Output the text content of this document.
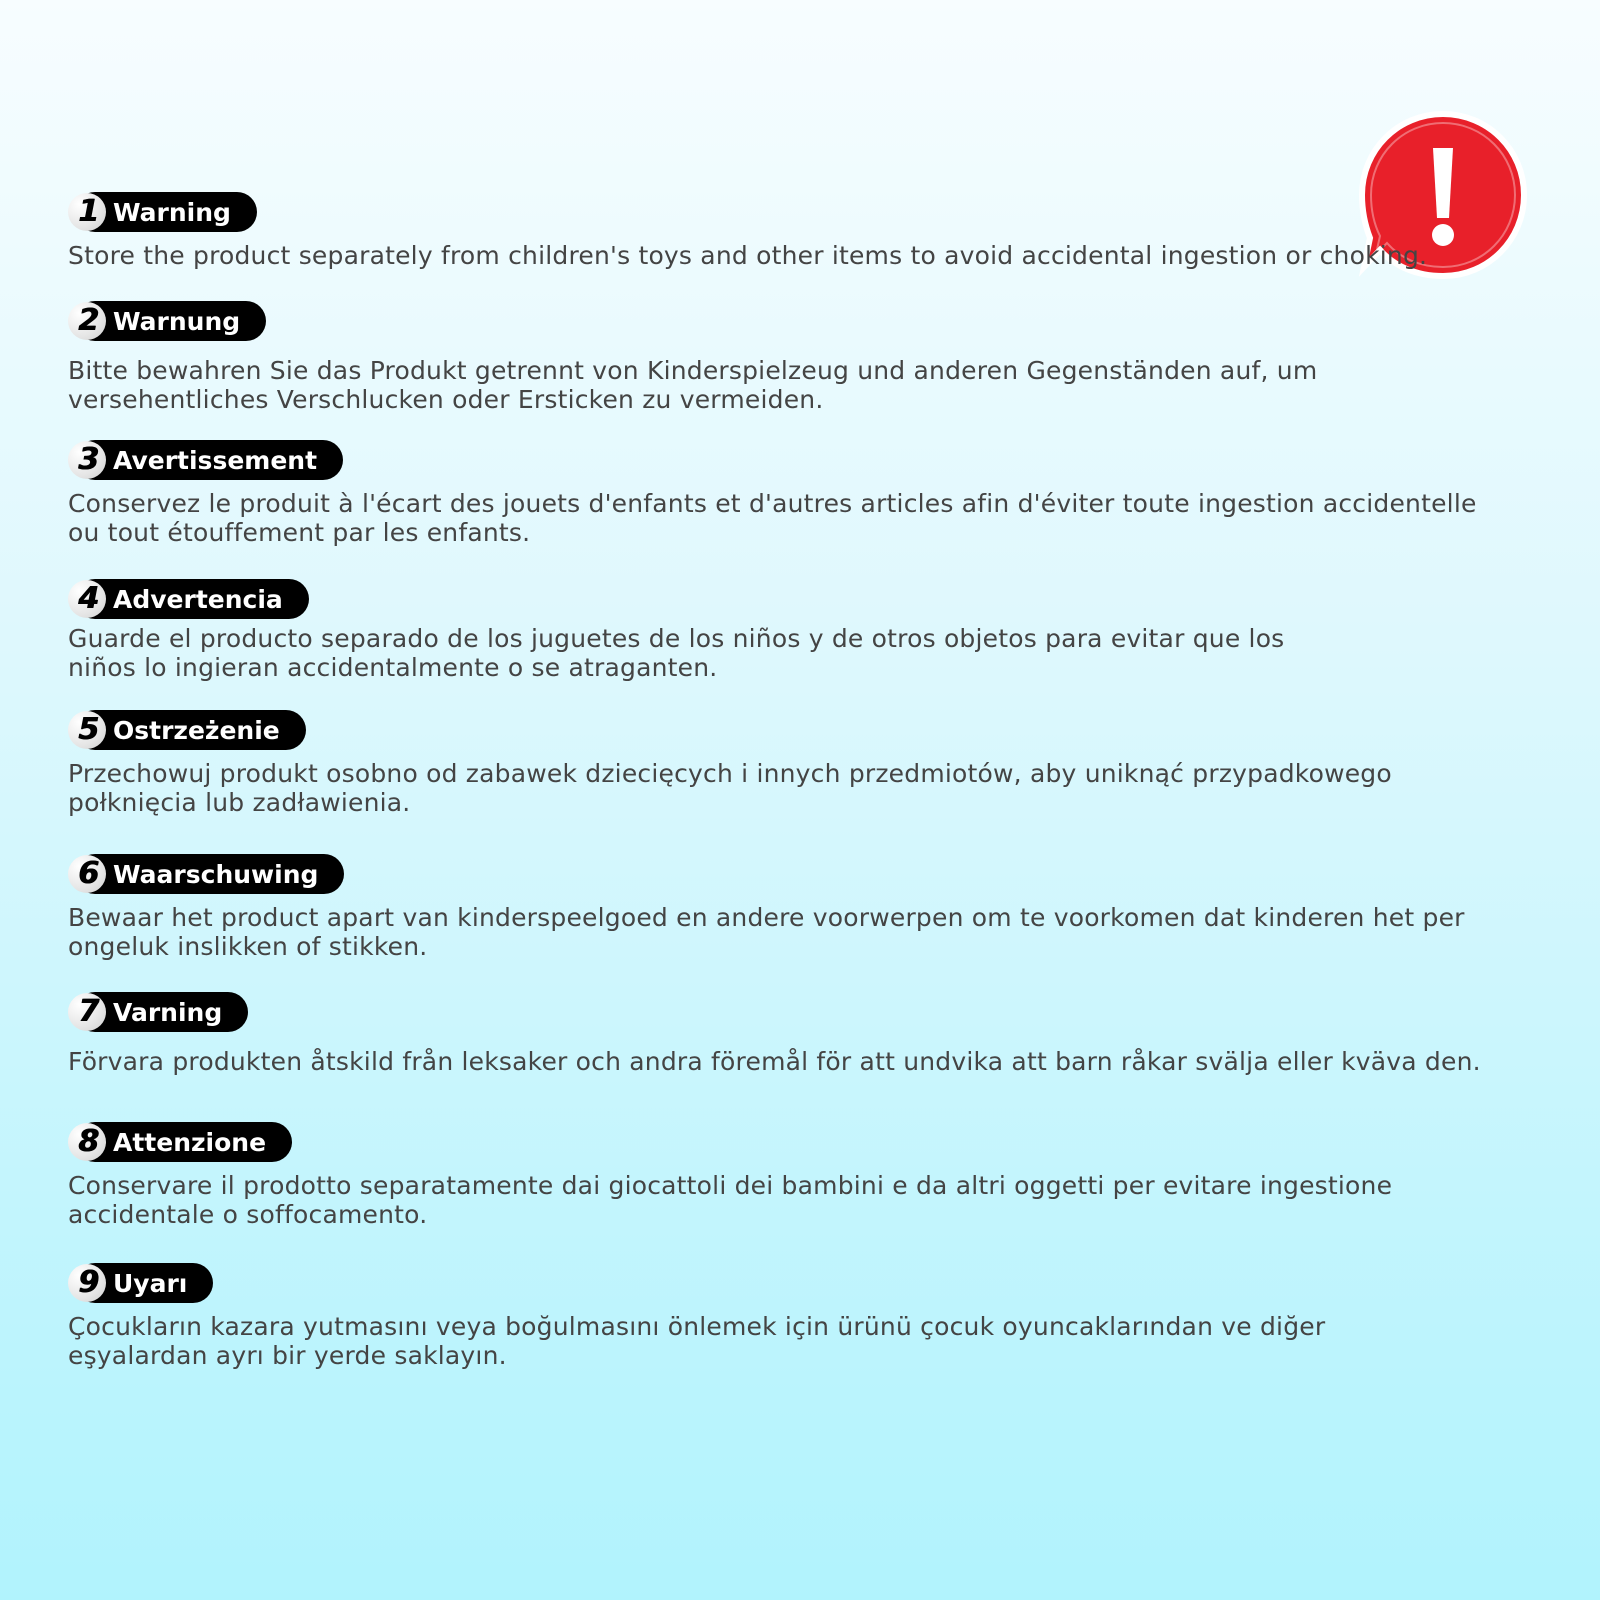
1 Warning

Store the product separately from children's toys and other items to avoid accidental ingestion or choking.

2 Warnung

Bitte bewahren Sie das Produkt getrennt von Kinderspielzeug und anderen Gegenständen auf, um versehentliches Verschlucken oder Ersticken zu vermeiden.

3 Avertissement

Conservez le produit à l'écart des jouets d'enfants et d'autres articles afin d'éviter toute ingestion accidentelle ou tout étouffement par les enfants.

4 Advertencia

Guarde el producto separado de los juguetes de los niños y de otros objetos para evitar que los niños lo ingieran accidentalmente o se atraganten.

5 Ostrzeżenie

Przechowuj produkt osobno od zabawek dziecięcych i innych przedmiotów, aby uniknąć przypadkowego połknięcia lub zadławienia.

6 Waarschuwing

Bewaar het product apart van kinderspeelgoed en andere voorwerpen om te voorkomen dat kinderen het per ongeluk inslikken of stikken.

7 Varning

Förvara produkten åtskild från leksaker och andra föremål för att undvika att barn råkar svälja eller kväva den.

8 Attenzione

Conservare il prodotto separatamente dai giocattoli dei bambini e da altri oggetti per evitare ingestione accidentale o soffocamento.

9 Uyarı

Çocukların kazara yutmasını veya boğulmasını önlemek için ürünü çocuk oyuncaklarından ve diğer eşyalardan ayrı bir yerde saklayın.
